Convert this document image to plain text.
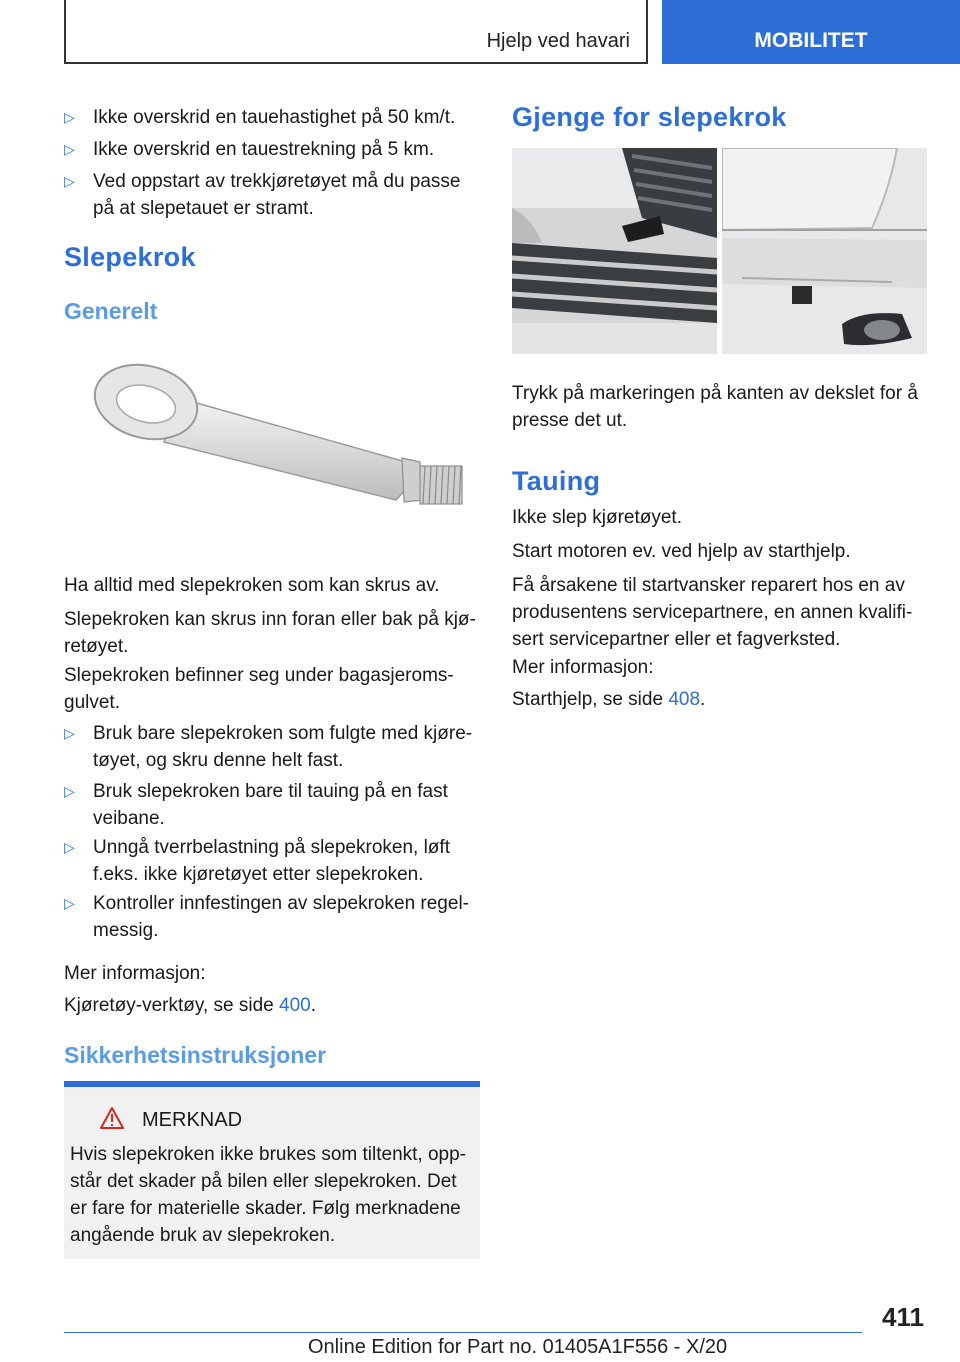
Hjelp ved havari	MOBILITET
▷ Ikke overskrid en tauehastighet på 50 km/t.
▷ Ikke overskrid en tauestrekning på 5 km.
▷ Ved oppstart av trekkjøretøyet må du passe på at slepetauet er stramt.
Slepekrok
Generelt

Ha alltid med slepekroken som kan skrus av.

Slepekroken kan skrus inn foran eller bak på kjø-retøyet.

Slepekroken befinner seg under bagasjeroms-gulvet.

▷ Bruk bare slepekroken som fulgte med kjøre-tøyet, og skru denne helt fast.
▷ Bruk slepekroken bare til tauing på en fast veibane.
▷ Unngå tverrbelastning på slepekroken, løft f.eks. ikke kjøretøyet etter slepekroken.
▷ Kontroller innfestingen av slepekroken regel-messig.

Mer informasjon:

Kjøretøy-verktøy, se side 400.

Sikkerhetsinstruksjoner
MERKNAD

Hvis slepekroken ikke brukes som tiltenkt, opp-står det skader på bilen eller slepekroken. Det er fare for materielle skader. Følg merknadene angående bruk av slepekroken.

Gjenge for slepekrok

Trykk på markeringen på kanten av dekslet for å presse det ut.

Tauing

Ikke slep kjøretøyet.

Start motoren ev. ved hjelp av starthjelp.

Få årsakene til startvansker reparert hos en av produsentens servicepartnere, en annen kvalifi-sert servicepartner eller et fagverksted.

Mer informasjon:

Starthjelp, se side 408.

411
Online Edition for Part no. 01405A1F556 - X/20
